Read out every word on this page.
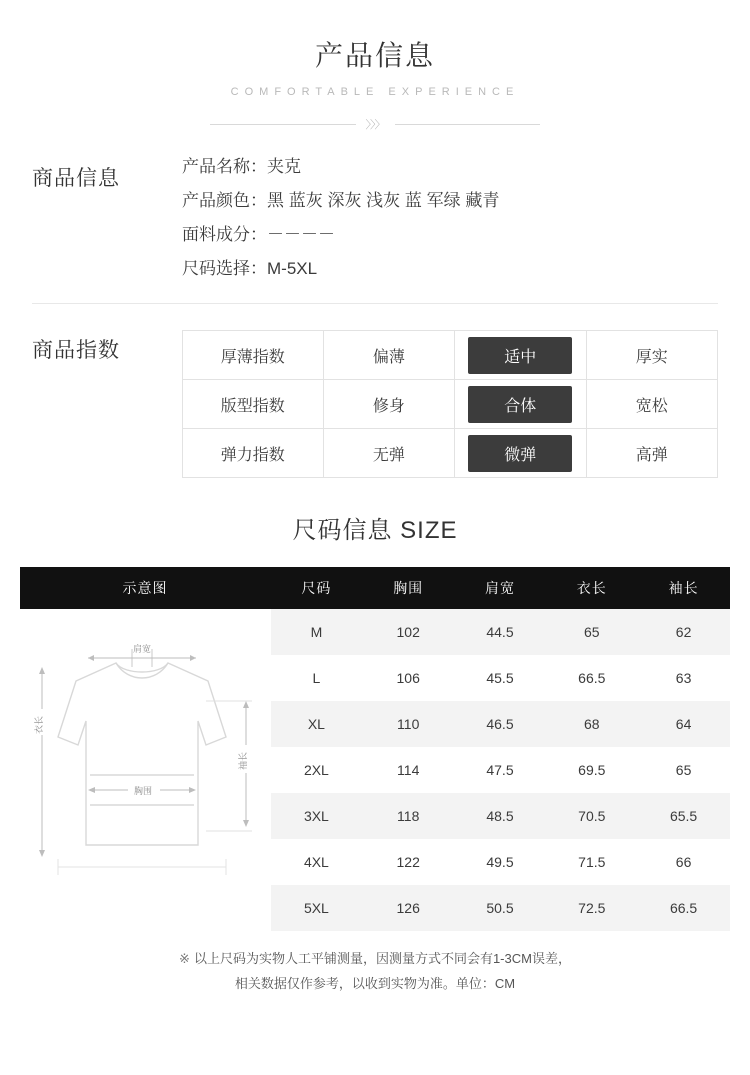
产品信息
COMFORTABLE EXPERIENCE
〉〉〉
商品信息
产品名称：夹克
产品颜色：黑 蓝灰 深灰 浅灰 蓝 军绿 藏青
面料成分：－－－－
尺码选择：M-5XL
商品指数	厚薄指数	偏薄	适中	厚实
版型指数	修身	合体	宽松
弹力指数	无弹	微弹	高弹
尺码信息 SIZE
示意图	尺码	胸围	肩宽	衣长	袖长

肩宽
衣长
袖长
胸围	M	102	44.5	65	62
	L	106	45.5	66.5	63
	XL	110	46.5	68	64
	2XL	114	47.5	69.5	65
	3XL	118	48.5	70.5	65.5
	4XL	122	49.5	71.5	66
	5XL	126	50.5	72.5	66.5
※ 以上尺码为实物人工平铺测量，因测量方式不同会有1-3CM误差，
相关数据仅作参考，以收到实物为准。单位：CM
